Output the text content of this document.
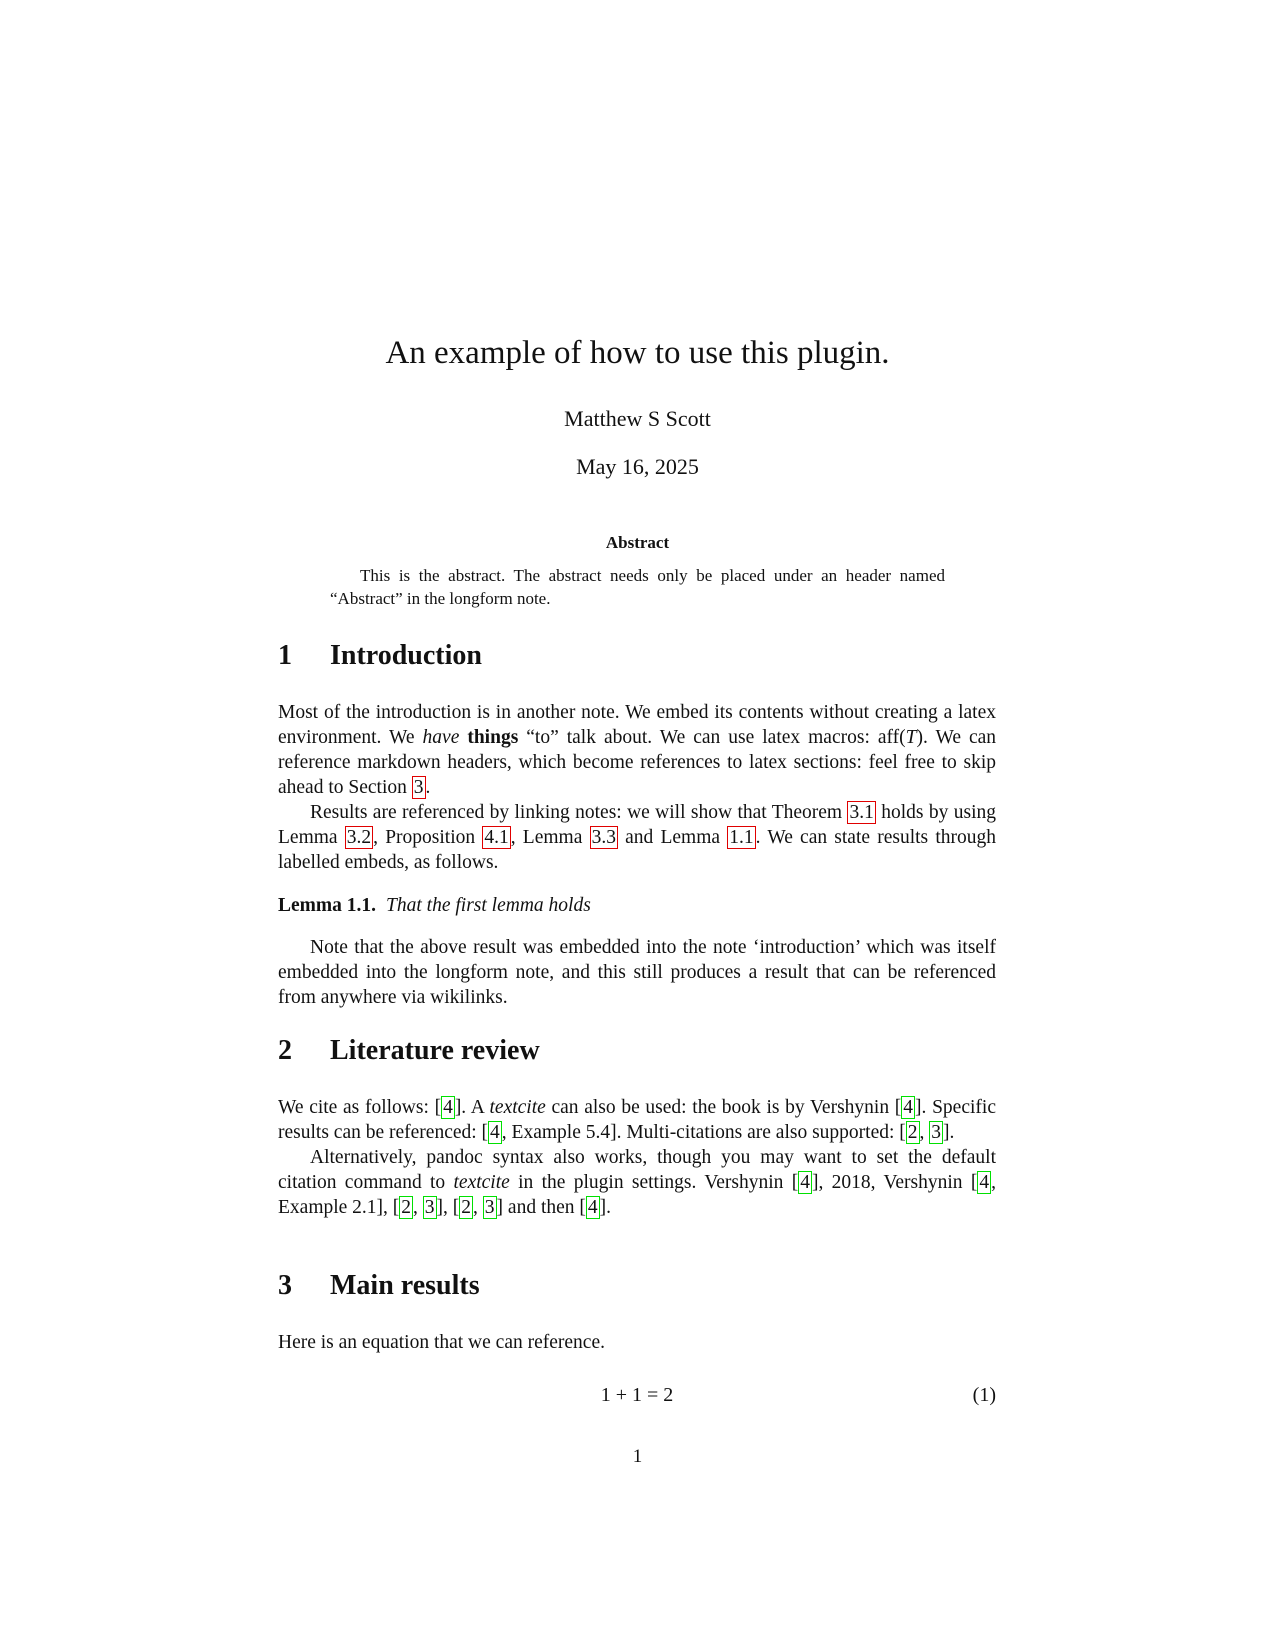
An example of how to use this plugin.
Matthew S Scott
May 16, 2025
Abstract
This is the abstract. The abstract needs only be placed under an header named “Abstract” in the longform note.
1 Introduction

Most of the introduction is in another note. We embed its contents without creating a latex environment. We have things “to” talk about. We can use latex macros: aff(T). We can reference markdown headers, which become references to latex sections: feel free to skip ahead to Section 3 .

Results are referenced by linking notes: we will show that Theorem 3.1 holds by using Lemma 3.2 , Proposition 4.1 , Lemma 3.3 and Lemma 1.1 . We can state results through labelled embeds, as follows.

Lemma 1.1. That the first lemma holds

Note that the above result was embedded into the note ‘introduction’ which was itself embedded into the longform note, and this still produces a result that can be referenced from anywhere via wikilinks.

2 Literature review

We cite as follows: [ 4 ]. A textcite can also be used: the book is by Vershynin [ 4 ]. Specific results can be referenced: [ 4 , Example 5.4]. Multi-citations are also supported: [ 2 , 3 ].

Alternatively, pandoc syntax also works, though you may want to set the default citation command to textcite in the plugin settings. Vershynin [ 4 ], 2018, Vershynin [ 4 , Example 2.1], [ 2 , 3 ], [ 2 , 3 ] and then [ 4 ].

3 Main results

Here is an equation that we can reference.

1 + 1 = 2	(1)
1
